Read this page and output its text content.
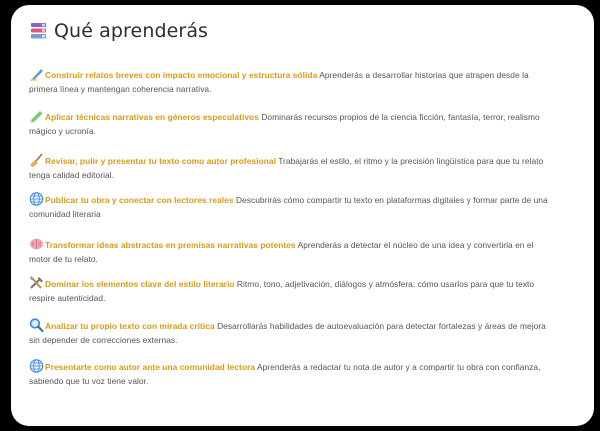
Qué aprenderás
Construir relatos breves con impacto emocional y estructura sólida Aprenderás a desarrollar historias que atrapen desde la primera línea y mantengan coherencia narrativa.
Aplicar técnicas narrativas en géneros especulativos Dominarás recursos propios de la ciencia ficción, fantasía, terror, realismo mágico y ucronía.
Revisar, pulir y presentar tu texto como autor profesional Trabajarás el estilo, el ritmo y la precisión lingüística para que tu relato tenga calidad editorial.
Publicar tu obra y conectar con lectores reales Descubrirás cómo compartir tu texto en plataformas digitales y formar parte de una comunidad literaria
Transformar ideas abstractas en premisas narrativas potentes Aprenderás a detectar el núcleo de una idea y convertirla en el motor de tu relato.
Dominar los elementos clave del estilo literario Ritmo, tono, adjetivación, diálogos y atmósfera: cómo usarlos para que tu texto respire autenticidad.
Analizar tu propio texto con mirada crítica Desarrollarás habilidades de autoevaluación para detectar fortalezas y áreas de mejora sin depender de correcciones externas.
Presentarte como autor ante una comunidad lectora Aprenderás a redactar tu nota de autor y a compartir tu obra con confianza, sabiendo que tu voz tiene valor.
